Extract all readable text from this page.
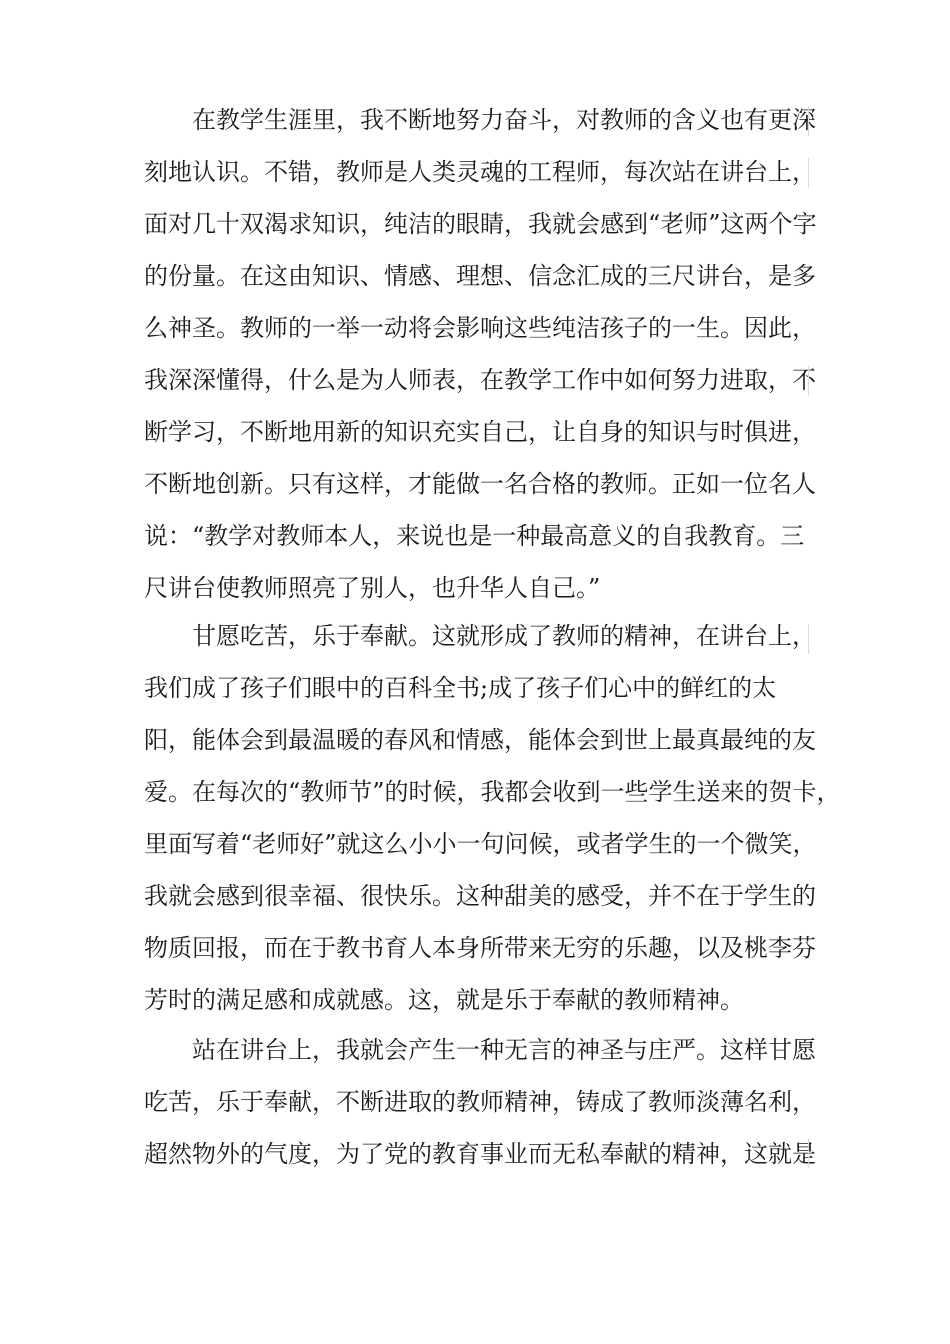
在教学生涯里，我不断地努力奋斗，对教师的含义也有更深
刻地认识。不错，教师是人类灵魂的工程师，每次站在讲台上，
面对几十双渴求知识，纯洁的眼睛，我就会感到“老师”这两个字
的份量。在这由知识、情感、理想、信念汇成的三尺讲台，是多
么神圣。教师的一举一动将会影响这些纯洁孩子的一生。因此，
我深深懂得，什么是为人师表，在教学工作中如何努力进取，不
断学习，不断地用新的知识充实自己，让自身的知识与时俱进，
不断地创新。只有这样，才能做一名合格的教师。正如一位名人
说：“教学对教师本人，来说也是一种最高意义的自我教育。三
尺讲台使教师照亮了别人，也升华人自己。”
甘愿吃苦，乐于奉献。这就形成了教师的精神，在讲台上，
我们成了孩子们眼中的百科全书;成了孩子们心中的鲜红的太
阳，能体会到最温暖的春风和情感，能体会到世上最真最纯的友
爱。在每次的“教师节”的时候，我都会收到一些学生送来的贺卡，
里面写着“老师好”就这么小小一句问候，或者学生的一个微笑，
我就会感到很幸福、很快乐。这种甜美的感受，并不在于学生的
物质回报，而在于教书育人本身所带来无穷的乐趣，以及桃李芬
芳时的满足感和成就感。这，就是乐于奉献的教师精神。
站在讲台上，我就会产生一种无言的神圣与庄严。这样甘愿
吃苦，乐于奉献，不断进取的教师精神，铸成了教师淡薄名利，
超然物外的气度，为了党的教育事业而无私奉献的精神，这就是
